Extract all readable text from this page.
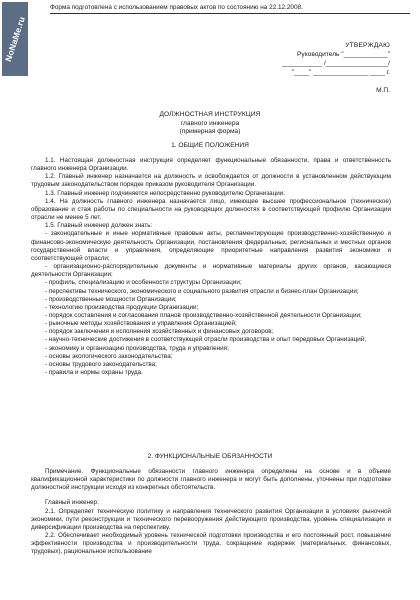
NoNaMe.ru
Форма подготовлена с использованием правовых актов по состоянию на 22.12.2008.
УТВЕРЖДАЮ
Руководитель "____________"
___________ /_________________/
"____" _______________ ____ г.
М.П.
ДОЛЖНОСТНАЯ ИНСТРУКЦИЯ
главного инженера
(примерная форма)
1. ОБЩИЕ ПОЛОЖЕНИЯ

1.1. Настоящая должностная инструкция определяет функциональные обязанности, права и ответственность главного инженера Организации.

1.2. Главный инженер назначается на должность и освобождается от должности в установленном действующим трудовым законодательством порядке приказом руководителя Организации.

1.3. Главный инженер подчиняется непосредственно руководителю Организации.

1.4. На должность главного инженера назначается лицо, имеющее высшее профессиональное (техническое) образование и стаж работы по специальности на руководящих должностях в соответствующей профилю Организации отрасли не менее 5 лет.

1.5. Главный инженер должен знать:

- законодательные и иные нормативные правовые акты, регламентирующие производственно-хозяйственную и финансово-экономическую деятельность Организации, постановления федеральных, региональных и местных органов государственной власти и управления, определяющие приоритетные направления развития экономики и соответствующей отрасли;

- организационно-распорядительные документы и нормативные материалы других органов, касающиеся деятельности Организации;

- профиль, специализацию и особенности структуры Организации;

- перспективы технического, экономического и социального развития отрасли и бизнес-план Организации;

- производственные мощности Организации;

- технологию производства продукции Организации;

- порядок составления и согласования планов производственно-хозяйственной деятельности Организации;

- рыночные методы хозяйствования и управления Организацией;

- порядок заключения и исполнения хозяйственных и финансовых договоров;

- научно-технические достижения в соответствующей отрасли производства и опыт передовых Организаций;

- экономику и организацию производства, труда и управления;

- основы экологического законодательства;

- основы трудового законодательства;

- правила и нормы охраны труда.

2. ФУНКЦИОНАЛЬНЫЕ ОБЯЗАННОСТИ

Примечание. Функциональные обязанности главного инженера определены на основе и в объеме квалификационной характеристики по должности главного инженера и могут быть дополнены, уточнены при подготовке должностной инструкции исходя из конкретных обстоятельств.

Главный инженер:

2.1. Определяет техническую политику и направления технического развития Организации в условиях рыночной экономики, пути реконструкции и технического перевооружения действующего производства, уровень специализации и диверсификации производства на перспективу.

2.2. Обеспечивает необходимый уровень технической подготовки производства и его постоянный рост, повышение эффективности производства и производительности труда, сокращение издержек (материальных, финансовых, трудовых), рациональное использование
